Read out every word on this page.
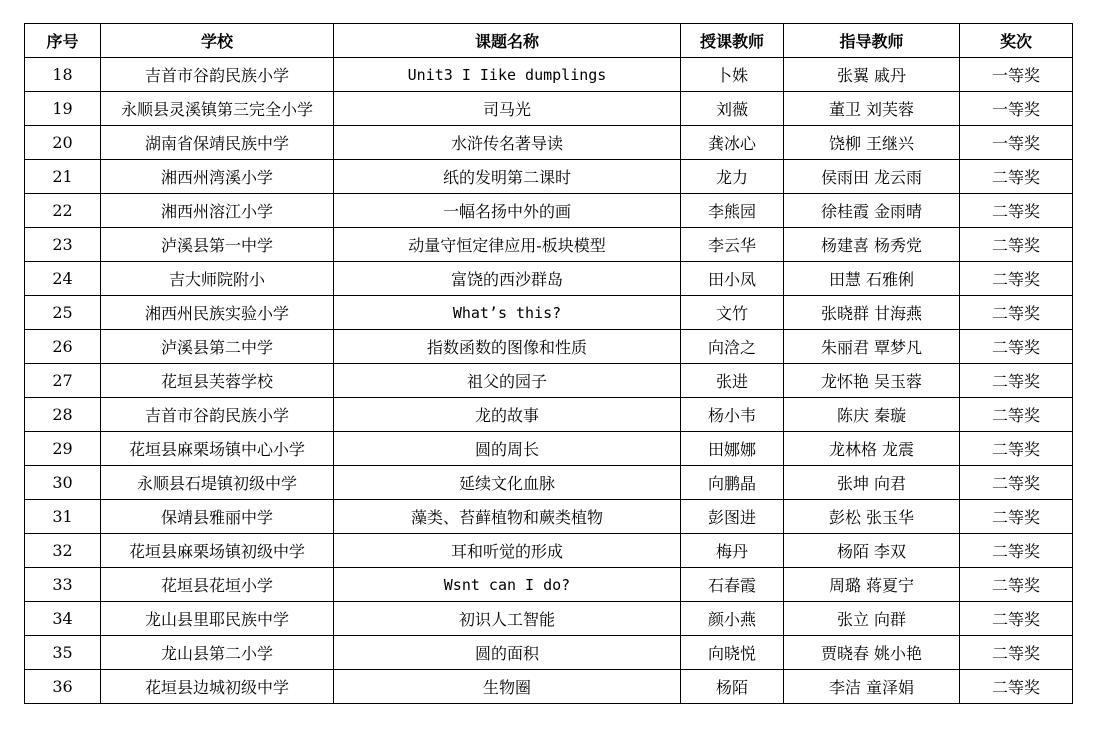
序号	学校	课题名称	授课教师	指导教师	奖次
18	吉首市谷韵民族小学	Unit3 I Iike dumplings	卜姝	张翼 戚丹	一等奖
19	永顺县灵溪镇第三完全小学	司马光	刘薇	董卫 刘芙蓉	一等奖
20	湖南省保靖民族中学	水浒传名著导读	龚冰心	饶柳 王继兴	一等奖
21	湘西州湾溪小学	纸的发明第二课时	龙力	侯雨田 龙云雨	二等奖
22	湘西州溶江小学	一幅名扬中外的画	李熊园	徐桂霞 金雨晴	二等奖
23	泸溪县第一中学	动量守恒定律应用-板块模型	李云华	杨建喜 杨秀党	二等奖
24	吉大师院附小	富饶的西沙群岛	田小凤	田慧 石雅俐	二等奖
25	湘西州民族实验小学	What’s this?	文竹	张晓群 甘海燕	二等奖
26	泸溪县第二中学	指数函数的图像和性质	向浛之	朱丽君 覃梦凡	二等奖
27	花垣县芙蓉学校	祖父的园子	张进	龙怀艳 吴玉蓉	二等奖
28	吉首市谷韵民族小学	龙的故事	杨小韦	陈庆 秦璇	二等奖
29	花垣县麻栗场镇中心小学	圆的周长	田娜娜	龙林格 龙震	二等奖
30	永顺县石堤镇初级中学	延续文化血脉	向鹏晶	张坤 向君	二等奖
31	保靖县雅丽中学	藻类、苔藓植物和蕨类植物	彭图进	彭松 张玉华	二等奖
32	花垣县麻栗场镇初级中学	耳和听觉的形成	梅丹	杨陌 李双	二等奖
33	花垣县花垣小学	Wsnt can I do?	石春霞	周璐 蒋夏宁	二等奖
34	龙山县里耶民族中学	初识人工智能	颜小燕	张立 向群	二等奖
35	龙山县第二小学	圆的面积	向晓悦	贾晓春 姚小艳	二等奖
36	花垣县边城初级中学	生物圈	杨陌	李洁 童泽娟	二等奖
